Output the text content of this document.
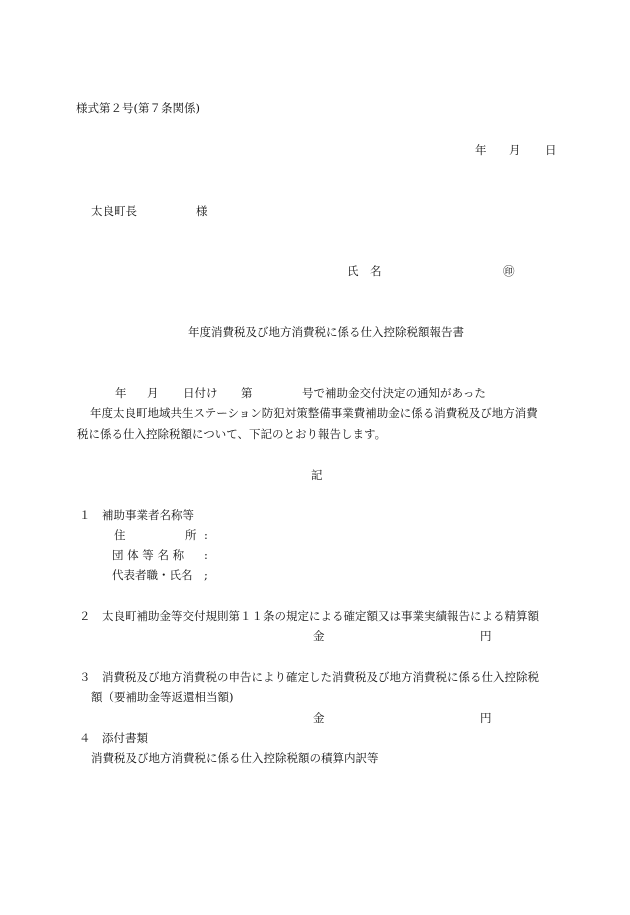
様式第２号(第７条関係)
年 月 日
太良町長	様
氏　名	㊞
年度消費税及び地方消費税に係る仕入控除税額報告書
年 月 日付け 第	号で補助金交付決定の通知があった
年度太良町地域共生ステーション防犯対策整備事業費補助金に係る消費税及び地方消費
税に係る仕入控除税額について、下記のとおり報告します。
記
１ 補助事業者名称等
住	所 :
団 体 等 名 称 :
代表者職・氏名 ;
２ 太良町補助金等交付規則第１１条の規定による確定額又は事業実績報告による精算額
金	円
３ 消費税及び地方消費税の申告により確定した消費税及び地方消費税に係る仕入控除税
額（要補助金等返還相当額)
金	円
４ 添付書類
消費税及び地方消費税に係る仕入控除税額の積算内訳等
